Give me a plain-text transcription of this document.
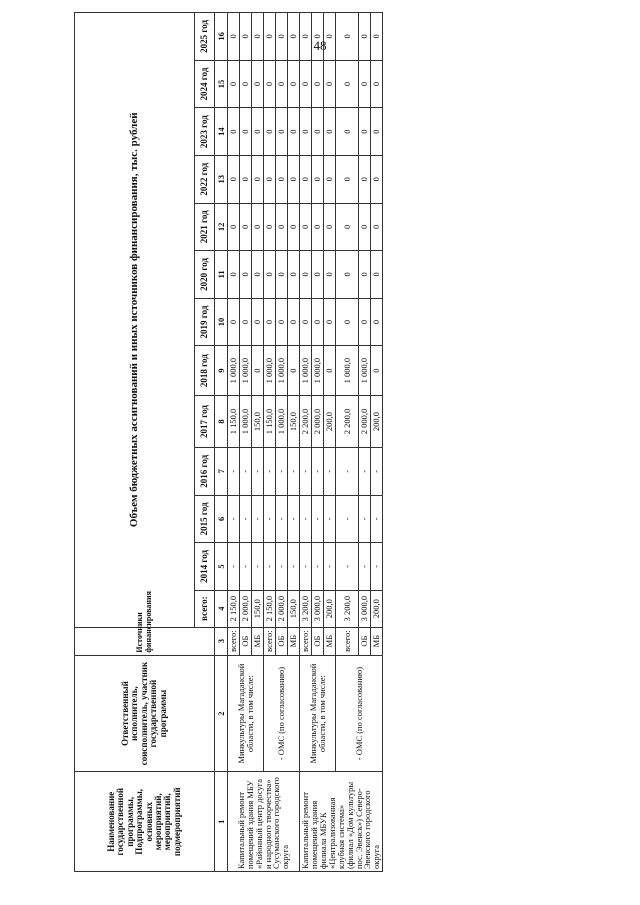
48
Наименование государственной программы, Подпрограммы, основных мероприятий, мероприятий, подмероприятий	Ответственный исполнитель, соисполнитель, участник государственной программы	Источники финансирования	Объем бюджетных ассигнований и иных источников финансирования, тыс. рублей												
			всего:	2014 год	2015 год	2016 год	2017 год	2018 год	2019 год	2020 год	2021 год	2022 год	2023 год	2024 год	2025 год
1	2	3	4	5	6	7	8	9	10	11	12	13	14	15	16
Капитальный ремонт помещений здания МБУ «Районный центр досуга и народного творчества» Сусуманского городского округа	Минкультуры Магаданской области, в том числе:	всего:	2 150,0	-	-	-	1 150,0	1 000,0	0	0	0	0	0	0	0
		ОБ	2 000,0	-	-	-	1 000,0	1 000,0	0	0	0	0	0	0	0
		МБ	150,0	-	-	-	150,0	0	0	0	0	0	0	0	0
	- ОМС (по согласованию)	всего:	2 150,0	-	-	-	1 150,0	1 000,0	0	0	0	0	0	0	0
		ОБ	2 000,0	-	-	-	1 000,0	1 000,0	0	0	0	0	0	0	0
		МБ	150,0	-	-	-	150,0	0	0	0	0	0	0	0	0
Капитальный ремонт помещений здания филиала МБУК «Централизованная клубная система» (филиал «Дом культуры пос. Эвенск») Северо-Эвенского городского округа	Минкультуры Магаданской области, в том числе:	всего:	3 200,0	-	-	-	2 200,0	1 000,0	0	0	0	0	0	0	0
		ОБ	3 000,0	-	-	-	2 000,0	1 000,0	0	0	0	0	0	0	0
		МБ	200,0	-	-	-	200,0	0	0	0	0	0	0	0	0
	- ОМС (по согласованию)	всего:	3 200,0	-	-	-	2 200,0	1 000,0	0	0	0	0	0	0	0
		ОБ	3 000,0	-	-	-	2 000,0	1 000,0	0	0	0	0	0	0	0
		МБ	200,0	-	-	-	200,0	0	0	0	0	0	0	0	0
